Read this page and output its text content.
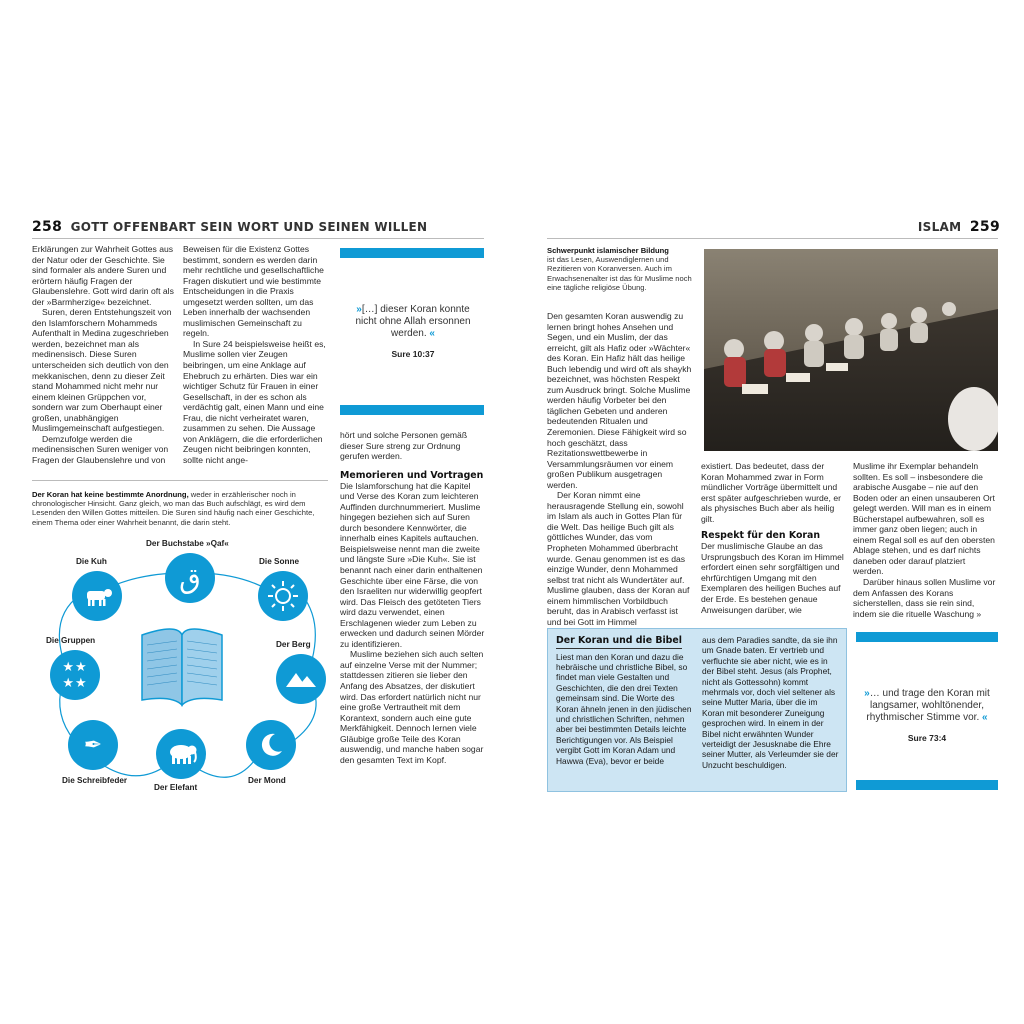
258 GOTT OFFENBART SEIN WORT UND SEINEN WILLEN

Erklärungen zur Wahrheit Gottes aus der Natur oder der Geschichte. Sie sind formaler als andere Suren und erörtern häufig Fragen der Glaubenslehre. Gott wird darin oft als der »Barmherzige« bezeichnet.

Suren, deren Entstehungszeit von den Islamforschern Mohammeds Aufenthalt in Medina zugeschrieben werden, bezeichnet man als medinensisch. Diese Suren unterscheiden sich deutlich von den mekkanischen, denn zu dieser Zeit stand Mohammed nicht mehr nur einem kleinen Grüppchen vor, sondern war zum Oberhaupt einer großen, unabhängigen Muslimgemeinschaft aufgestiegen.

Demzufolge werden die medinensischen Suren weniger von Fragen der Glaubenslehre und von

Beweisen für die Existenz Gottes bestimmt, sondern es werden darin mehr rechtliche und gesellschaftliche Fragen diskutiert und wie bestimmte Entscheidungen in die Praxis umgesetzt werden sollten, um das Leben innerhalb der wachsenden muslimischen Gemeinschaft zu regeln.

In Sure 24 beispielsweise heißt es, Muslime sollen vier Zeugen beibringen, um eine Anklage auf Ehebruch zu erhärten. Dies war ein wichtiger Schutz für Frauen in einer Gesellschaft, in der es schon als verdächtig galt, einen Mann und eine Frau, die nicht verheiratet waren, zusammen zu sehen. Die Aussage von Anklägern, die die erforderlichen Zeugen nicht beibringen konnten, sollte nicht ange-

»[…] dieser Koran konnte nicht ohne Allah ersonnen werden. «
Sure 10:37

hört und solche Personen gemäß dieser Sure streng zur Ordnung gerufen werden.

Memorieren und Vortragen

Die Islamforschung hat die Kapitel und Verse des Koran zum leichteren Auffinden durchnummeriert. Muslime hingegen beziehen sich auf Suren durch besondere Kennwörter, die innerhalb eines Kapitels auftauchen. Beispielsweise nennt man die zweite und längste Sure »Die Kuh«. Sie ist benannt nach einer darin enthaltenen Geschichte über eine Färse, die von den Israeliten nur widerwillig geopfert wird. Das Fleisch des getöteten Tiers wird dazu verwendet, einen Erschlagenen wieder zum Leben zu erwecken und dadurch seinen Mörder zu identifizieren.

Muslime beziehen sich auch selten auf einzelne Verse mit der Nummer; stattdessen zitieren sie lieber den Anfang des Absatzes, der diskutiert wird. Das erfordert natürlich nicht nur eine große Vertrautheit mit dem Korantext, sondern auch eine gute Merkfähigkeit. Dennoch lernen viele Gläubige große Teile des Koran auswendig, und manche haben sogar den gesamten Text im Kopf.

Der Koran hat keine bestimmte Anordnung, weder in erzählerischer noch in chronologischer Hinsicht. Ganz gleich, wo man das Buch aufschlägt, es wird dem Lesenden den Willen Gottes mitteilen. Die Suren sind häufig nach einer Geschichte, einem Thema oder einer Wahrheit benannt, die darin steht.
Der Buchstabe »Qaf«
ق
Die Kuh	Die Sonne
Die Gruppen
★★
★★
Der Berg
✒
Die Schreibfeder
Der Elefant
Der Mond
ISLAM 259
Schwerpunkt islamischer Bildung
ist das Lesen, Auswendiglernen und Rezitieren von Koranversen. Auch im Erwachsenenalter ist das für Muslime noch eine tägliche religiöse Übung.

Den gesamten Koran auswendig zu lernen bringt hohes Ansehen und Segen, und ein Muslim, der das erreicht, gilt als Hafiz oder »Wächter« des Koran. Ein Hafiz hält das heilige Buch lebendig und wird oft als shaykh bezeichnet, was höchsten Respekt zum Ausdruck bringt. Solche Muslime werden häufig Vorbeter bei den täglichen Gebeten und anderen bedeutenden Ritualen und Zeremonien. Diese Fähigkeit wird so hoch geschätzt, dass Rezitationswettbewerbe in Versammlungsräumen vor einem großen Publikum ausgetragen werden.

Der Koran nimmt eine herausragende Stellung ein, sowohl im Islam als auch in Gottes Plan für die Welt. Das heilige Buch gilt als göttliches Wunder, das vom Propheten Mohammed überbracht wurde. Genau genommen ist es das einzige Wunder, denn Mohammed selbst trat nicht als Wundertäter auf. Muslime glauben, dass der Koran auf einem himmlischen Vorbildbuch beruht, das in Arabisch verfasst ist und bei Gott im Himmel

existiert. Das bedeutet, dass der Koran Mohammed zwar in Form mündlicher Vorträge übermittelt und erst später aufgeschrieben wurde, er als physisches Buch aber als heilig gilt.

Respekt für den Koran

Der muslimische Glaube an das Ursprungsbuch des Koran im Himmel erfordert einen sehr sorgfältigen und ehrfürchtigen Umgang mit den Exemplaren des heiligen Buches auf der Erde. Es bestehen genaue Anweisungen darüber, wie

Muslime ihr Exemplar behandeln sollten. Es soll – insbesondere die arabische Ausgabe – nie auf den Boden oder an einen unsauberen Ort gelegt werden. Will man es in einem Bücherstapel aufbewahren, soll es immer ganz oben liegen; auch in einem Regal soll es auf den obersten Ablage stehen, und es darf nichts daneben oder darauf platziert werden.

Darüber hinaus sollen Muslime vor dem Anfassen des Korans sicherstellen, dass sie rein sind, indem sie die rituelle Waschung »

Der Koran und die Bibel

Liest man den Koran und dazu die hebräische und christliche Bibel, so findet man viele Gestalten und Geschichten, die den drei Texten gemeinsam sind. Die Worte des Koran ähneln jenen in den jüdischen und christlichen Schriften, nehmen aber bei bestimmten Details leichte Berichtigungen vor. Als Beispiel vergibt Gott im Koran Adam und Hawwa (Eva), bevor er beide

aus dem Paradies sandte, da sie ihn um Gnade baten. Er vertrieb und verfluchte sie aber nicht, wie es in der Bibel steht. Jesus (als Prophet, nicht als Gottessohn) kommt mehrmals vor, doch viel seltener als seine Mutter Maria, über die im Koran mit besonderer Zuneigung gesprochen wird. In einem in der Bibel nicht erwähnten Wunder verteidigt der Jesusknabe die Ehre seiner Mutter, als Verleumder sie der Unzucht beschuldigen.

»… und trage den Koran mit langsamer, wohltönender, rhythmischer Stimme vor. «
Sure 73:4
